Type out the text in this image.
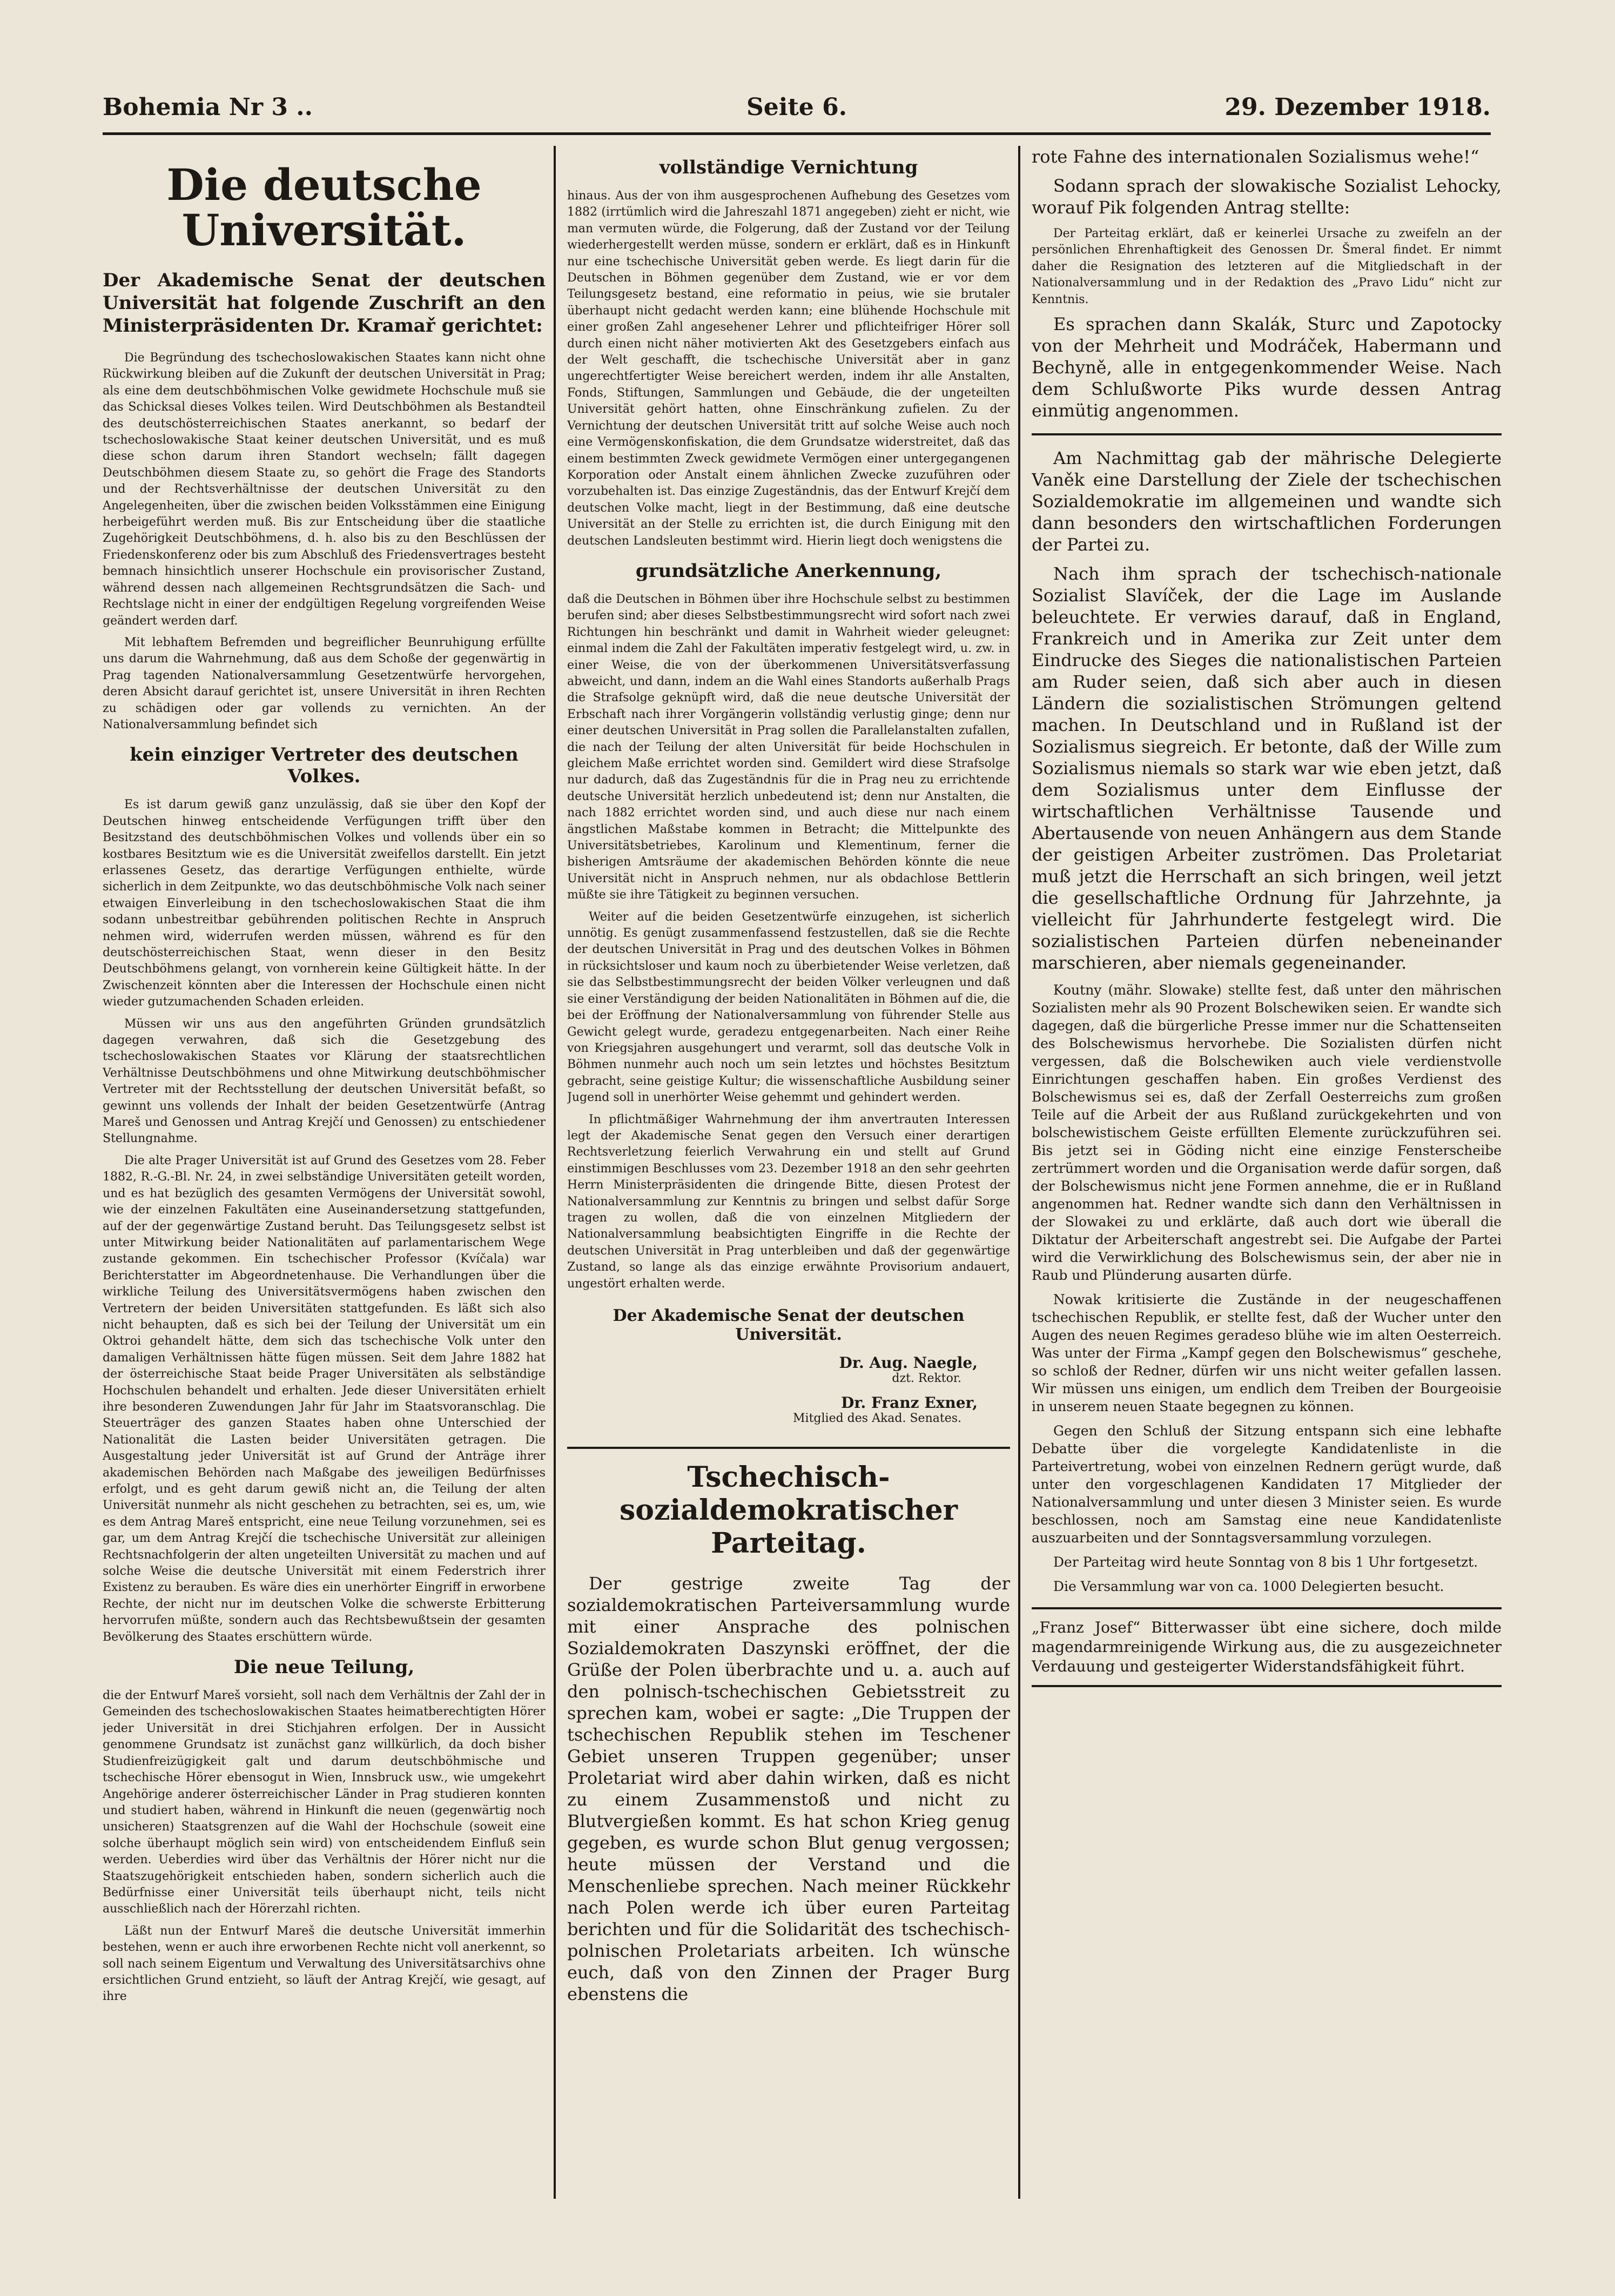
Bohemia Nr 3 ..	Seite 6.	29. Dezember 1918.
Die deutsche Universität.

Der Akademische Senat der deutschen Universität hat folgende Zuschrift an den Ministerpräsidenten Dr. Kramař gerichtet:

Die Begründung des tschechoslowakischen Staates kann nicht ohne Rückwirkung bleiben auf die Zukunft der deutschen Universität in Prag; als eine dem deutschböhmischen Volke gewidmete Hochschule muß sie das Schicksal dieses Volkes teilen. Wird Deutschböhmen als Bestandteil des deutschösterreichischen Staates anerkannt, so bedarf der tschechoslowakische Staat keiner deutschen Universität, und es muß diese schon darum ihren Standort wechseln; fällt dagegen Deutschböhmen diesem Staate zu, so gehört die Frage des Standorts und der Rechtsverhältnisse der deutschen Universität zu den Angelegenheiten, über die zwischen beiden Volksstämmen eine Einigung herbeigeführt werden muß. Bis zur Entscheidung über die staatliche Zugehörigkeit Deutschböhmens, d. h. also bis zu den Beschlüssen der Friedenskonferenz oder bis zum Abschluß des Friedensvertrages besteht bemnach hinsichtlich unserer Hochschule ein provisorischer Zustand, während dessen nach allgemeinen Rechtsgrundsätzen die Sach- und Rechtslage nicht in einer der endgültigen Regelung vorgreifenden Weise geändert werden darf.

Mit lebhaftem Befremden und begreiflicher Beunruhigung erfüllte uns darum die Wahrnehmung, daß aus dem Schoße der gegenwärtig in Prag tagenden Nationalversammlung Gesetzentwürfe hervorgehen, deren Absicht darauf gerichtet ist, unsere Universität in ihren Rechten zu schädigen oder gar vollends zu vernichten. An der Nationalversammlung befindet sich

kein einziger Vertreter des deutschen Volkes.

Es ist darum gewiß ganz unzulässig, daß sie über den Kopf der Deutschen hinweg entscheidende Verfügungen trifft über den Besitzstand des deutschböhmischen Volkes und vollends über ein so kostbares Besitztum wie es die Universität zweifellos darstellt. Ein jetzt erlassenes Gesetz, das derartige Verfügungen enthielte, würde sicherlich in dem Zeitpunkte, wo das deutschböhmische Volk nach seiner etwaigen Einverleibung in den tschechoslowakischen Staat die ihm sodann unbestreitbar gebührenden politischen Rechte in Anspruch nehmen wird, widerrufen werden müssen, während es für den deutschösterreichischen Staat, wenn dieser in den Besitz Deutschböhmens gelangt, von vornherein keine Gültigkeit hätte. In der Zwischenzeit könnten aber die Interessen der Hochschule einen nicht wieder gutzumachenden Schaden erleiden.

Müssen wir uns aus den angeführten Gründen grundsätzlich dagegen verwahren, daß sich die Gesetzgebung des tschechoslowakischen Staates vor Klärung der staatsrechtlichen Verhältnisse Deutschböhmens und ohne Mitwirkung deutschböhmischer Vertreter mit der Rechtsstellung der deutschen Universität befaßt, so gewinnt uns vollends der Inhalt der beiden Gesetzentwürfe (Antrag Mareš und Genossen und Antrag Krejčí und Genossen) zu entschiedener Stellungnahme.

Die alte Prager Universität ist auf Grund des Gesetzes vom 28. Feber 1882, R.-G.-Bl. Nr. 24, in zwei selbständige Universitäten geteilt worden, und es hat bezüglich des gesamten Vermögens der Universität sowohl, wie der einzelnen Fakultäten eine Auseinandersetzung stattgefunden, auf der der gegenwärtige Zustand beruht. Das Teilungsgesetz selbst ist unter Mitwirkung beider Nationalitäten auf parlamentarischem Wege zustande gekommen. Ein tschechischer Professor (Kvíčala) war Berichterstatter im Abgeordnetenhause. Die Verhandlungen über die wirkliche Teilung des Universitätsvermögens haben zwischen den Vertretern der beiden Universitäten stattgefunden. Es läßt sich also nicht behaupten, daß es sich bei der Teilung der Universität um ein Oktroi gehandelt hätte, dem sich das tschechische Volk unter den damaligen Verhältnissen hätte fügen müssen. Seit dem Jahre 1882 hat der österreichische Staat beide Prager Universitäten als selbständige Hochschulen behandelt und erhalten. Jede dieser Universitäten erhielt ihre besonderen Zuwendungen Jahr für Jahr im Staatsvoranschlag. Die Steuerträger des ganzen Staates haben ohne Unterschied der Nationalität die Lasten beider Universitäten getragen. Die Ausgestaltung jeder Universität ist auf Grund der Anträge ihrer akademischen Behörden nach Maßgabe des jeweiligen Bedürfnisses erfolgt, und es geht darum gewiß nicht an, die Teilung der alten Universität nunmehr als nicht geschehen zu betrachten, sei es, um, wie es dem Antrag Mareš entspricht, eine neue Teilung vorzunehmen, sei es gar, um dem Antrag Krejčí die tschechische Universität zur alleinigen Rechtsnachfolgerin der alten ungeteilten Universität zu machen und auf solche Weise die deutsche Universität mit einem Federstrich ihrer Existenz zu berauben. Es wäre dies ein unerhörter Eingriff in erworbene Rechte, der nicht nur im deutschen Volke die schwerste Erbitterung hervorrufen müßte, sondern auch das Rechtsbewußtsein der gesamten Bevölkerung des Staates erschüttern würde.

Die neue Teilung,

die der Entwurf Mareš vorsieht, soll nach dem Verhältnis der Zahl der in Gemeinden des tschechoslowakischen Staates heimatberechtigten Hörer jeder Universität in drei Stichjahren erfolgen. Der in Aussicht genommene Grundsatz ist zunächst ganz willkürlich, da doch bisher Studienfreizügigkeit galt und darum deutschböhmische und tschechische Hörer ebensogut in Wien, Innsbruck usw., wie umgekehrt Angehörige anderer österreichischer Länder in Prag studieren konnten und studiert haben, während in Hinkunft die neuen (gegenwärtig noch unsicheren) Staatsgrenzen auf die Wahl der Hochschule (soweit eine solche überhaupt möglich sein wird) von entscheidendem Einfluß sein werden. Ueberdies wird über das Verhältnis der Hörer nicht nur die Staatszugehörigkeit entschieden haben, sondern sicherlich auch die Bedürfnisse einer Universität teils überhaupt nicht, teils nicht ausschließlich nach der Hörerzahl richten.

Läßt nun der Entwurf Mareš die deutsche Universität immerhin bestehen, wenn er auch ihre erworbenen Rechte nicht voll anerkennt, so soll nach seinem Eigentum und Verwaltung des Universitätsarchivs ohne ersichtlichen Grund entzieht, so läuft der Antrag Krejčí, wie gesagt, auf ihre

vollständige Vernichtung

hinaus. Aus der von ihm ausgesprochenen Aufhebung des Gesetzes vom 1882 (irrtümlich wird die Jahreszahl 1871 angegeben) zieht er nicht, wie man vermuten würde, die Folgerung, daß der Zustand vor der Teilung wiederhergestellt werden müsse, sondern er erklärt, daß es in Hinkunft nur eine tschechische Universität geben werde. Es liegt darin für die Deutschen in Böhmen gegenüber dem Zustand, wie er vor dem Teilungsgesetz bestand, eine reformatio in peius, wie sie brutaler überhaupt nicht gedacht werden kann; eine blühende Hochschule mit einer großen Zahl angesehener Lehrer und pflichteifriger Hörer soll durch einen nicht näher motivierten Akt des Gesetzgebers einfach aus der Welt geschafft, die tschechische Universität aber in ganz ungerechtfertigter Weise bereichert werden, indem ihr alle Anstalten, Fonds, Stiftungen, Sammlungen und Gebäude, die der ungeteilten Universität gehört hatten, ohne Einschränkung zufielen. Zu der Vernichtung der deutschen Universität tritt auf solche Weise auch noch eine Vermögenskonfiskation, die dem Grundsatze widerstreitet, daß das einem bestimmten Zweck gewidmete Vermögen einer untergegangenen Korporation oder Anstalt einem ähnlichen Zwecke zuzuführen oder vorzubehalten ist. Das einzige Zugeständnis, das der Entwurf Krejčí dem deutschen Volke macht, liegt in der Bestimmung, daß eine deutsche Universität an der Stelle zu errichten ist, die durch Einigung mit den deutschen Landsleuten bestimmt wird. Hierin liegt doch wenigstens die

grundsätzliche Anerkennung,

daß die Deutschen in Böhmen über ihre Hochschule selbst zu bestimmen berufen sind; aber dieses Selbstbestimmungsrecht wird sofort nach zwei Richtungen hin beschränkt und damit in Wahrheit wieder geleugnet: einmal indem die Zahl der Fakultäten imperativ festgelegt wird, u. zw. in einer Weise, die von der überkommenen Universitätsverfassung abweicht, und dann, indem an die Wahl eines Standorts außerhalb Prags die Strafsolge geknüpft wird, daß die neue deutsche Universität der Erbschaft nach ihrer Vorgängerin vollständig verlustig ginge; denn nur einer deutschen Universität in Prag sollen die Parallelanstalten zufallen, die nach der Teilung der alten Universität für beide Hochschulen in gleichem Maße errichtet worden sind. Gemildert wird diese Strafsolge nur dadurch, daß das Zugeständnis für die in Prag neu zu errichtende deutsche Universität herzlich unbedeutend ist; denn nur Anstalten, die nach 1882 errichtet worden sind, und auch diese nur nach einem ängstlichen Maßstabe kommen in Betracht; die Mittelpunkte des Universitätsbetriebes, Karolinum und Klementinum, ferner die bisherigen Amtsräume der akademischen Behörden könnte die neue Universität nicht in Anspruch nehmen, nur als obdachlose Bettlerin müßte sie ihre Tätigkeit zu beginnen versuchen.

Weiter auf die beiden Gesetzentwürfe einzugehen, ist sicherlich unnötig. Es genügt zusammenfassend festzustellen, daß sie die Rechte der deutschen Universität in Prag und des deutschen Volkes in Böhmen in rücksichtsloser und kaum noch zu überbietender Weise verletzen, daß sie das Selbstbestimmungsrecht der beiden Völker verleugnen und daß sie einer Verständigung der beiden Nationalitäten in Böhmen auf die, die bei der Eröffnung der Nationalversammlung von führender Stelle aus Gewicht gelegt wurde, geradezu entgegenarbeiten. Nach einer Reihe von Kriegsjahren ausgehungert und verarmt, soll das deutsche Volk in Böhmen nunmehr auch noch um sein letztes und höchstes Besitztum gebracht, seine geistige Kultur; die wissenschaftliche Ausbildung seiner Jugend soll in unerhörter Weise gehemmt und gehindert werden.

In pflichtmäßiger Wahrnehmung der ihm anvertrauten Interessen legt der Akademische Senat gegen den Versuch einer derartigen Rechtsverletzung feierlich Verwahrung ein und stellt auf Grund einstimmigen Beschlusses vom 23. Dezember 1918 an den sehr geehrten Herrn Ministerpräsidenten die dringende Bitte, diesen Protest der Nationalversammlung zur Kenntnis zu bringen und selbst dafür Sorge tragen zu wollen, daß die von einzelnen Mitgliedern der Nationalversammlung beabsichtigten Eingriffe in die Rechte der deutschen Universität in Prag unterbleiben und daß der gegenwärtige Zustand, so lange als das einzige erwähnte Provisorium andauert, ungestört erhalten werde.

Der Akademische Senat der deutschen Universität.
Dr. Aug. Naegle,
dzt. Rektor.
Dr. Franz Exner,
Mitglied des Akad. Senates.
Tschechisch-sozialdemokratischer Parteitag.

Der gestrige zweite Tag der sozialdemokratischen Parteiversammlung wurde mit einer Ansprache des polnischen Sozialdemokraten Daszynski eröffnet, der die Grüße der Polen überbrachte und u. a. auch auf den polnisch-tschechischen Gebietsstreit zu sprechen kam, wobei er sagte: „Die Truppen der tschechischen Republik stehen im Teschener Gebiet unseren Truppen gegenüber; unser Proletariat wird aber dahin wirken, daß es nicht zu einem Zusammenstoß und nicht zu Blutvergießen kommt. Es hat schon Krieg genug gegeben, es wurde schon Blut genug vergossen; heute müssen der Verstand und die Menschenliebe sprechen. Nach meiner Rückkehr nach Polen werde ich über euren Parteitag berichten und für die Solidarität des tschechisch-polnischen Proletariats arbeiten. Ich wünsche euch, daß von den Zinnen der Prager Burg ebenstens die

rote Fahne des internationalen Sozialismus wehe!“

Sodann sprach der slowakische Sozialist Lehocky, worauf Pik folgenden Antrag stellte:

Der Parteitag erklärt, daß er keinerlei Ursache zu zweifeln an der persönlichen Ehrenhaftigkeit des Genossen Dr. Šmeral findet. Er nimmt daher die Resignation des letzteren auf die Mitgliedschaft in der Nationalversammlung und in der Redaktion des „Pravo Lidu“ nicht zur Kenntnis.

Es sprachen dann Skalák, Sturc und Zapotocky von der Mehrheit und Modráček, Habermann und Bechyně, alle in entgegenkommender Weise. Nach dem Schlußworte Piks wurde dessen Antrag einmütig angenommen.

Am Nachmittag gab der mährische Delegierte Vaněk eine Darstellung der Ziele der tschechischen Sozialdemokratie im allgemeinen und wandte sich dann besonders den wirtschaftlichen Forderungen der Partei zu.

Nach ihm sprach der tschechisch-nationale Sozialist Slavíček, der die Lage im Auslande beleuchtete. Er verwies darauf, daß in England, Frankreich und in Amerika zur Zeit unter dem Eindrucke des Sieges die nationalistischen Parteien am Ruder seien, daß sich aber auch in diesen Ländern die sozialistischen Strömungen geltend machen. In Deutschland und in Rußland ist der Sozialismus siegreich. Er betonte, daß der Wille zum Sozialismus niemals so stark war wie eben jetzt, daß dem Sozialismus unter dem Einflusse der wirtschaftlichen Verhältnisse Tausende und Abertausende von neuen Anhängern aus dem Stande der geistigen Arbeiter zuströmen. Das Proletariat muß jetzt die Herrschaft an sich bringen, weil jetzt die gesellschaftliche Ordnung für Jahrzehnte, ja vielleicht für Jahrhunderte festgelegt wird. Die sozialistischen Parteien dürfen nebeneinander marschieren, aber niemals gegeneinander.

Koutny (mähr. Slowake) stellte fest, daß unter den mährischen Sozialisten mehr als 90 Prozent Bolschewiken seien. Er wandte sich dagegen, daß die bürgerliche Presse immer nur die Schattenseiten des Bolschewismus hervorhebe. Die Sozialisten dürfen nicht vergessen, daß die Bolschewiken auch viele verdienstvolle Einrichtungen geschaffen haben. Ein großes Verdienst des Bolschewismus sei es, daß der Zerfall Oesterreichs zum großen Teile auf die Arbeit der aus Rußland zurückgekehrten und von bolschewistischem Geiste erfüllten Elemente zurückzuführen sei. Bis jetzt sei in Göding nicht eine einzige Fensterscheibe zertrümmert worden und die Organisation werde dafür sorgen, daß der Bolschewismus nicht jene Formen annehme, die er in Rußland angenommen hat. Redner wandte sich dann den Verhältnissen in der Slowakei zu und erklärte, daß auch dort wie überall die Diktatur der Arbeiterschaft angestrebt sei. Die Aufgabe der Partei wird die Verwirklichung des Bolschewismus sein, der aber nie in Raub und Plünderung ausarten dürfe.

Nowak kritisierte die Zustände in der neugeschaffenen tschechischen Republik, er stellte fest, daß der Wucher unter den Augen des neuen Regimes geradeso blühe wie im alten Oesterreich. Was unter der Firma „Kampf gegen den Bolschewismus“ geschehe, so schloß der Redner, dürfen wir uns nicht weiter gefallen lassen. Wir müssen uns einigen, um endlich dem Treiben der Bourgeoisie in unserem neuen Staate begegnen zu können.

Gegen den Schluß der Sitzung entspann sich eine lebhafte Debatte über die vorgelegte Kandidatenliste in die Parteivertretung, wobei von einzelnen Rednern gerügt wurde, daß unter den vorgeschlagenen Kandidaten 17 Mitglieder der Nationalversammlung und unter diesen 3 Minister seien. Es wurde beschlossen, noch am Samstag eine neue Kandidatenliste auszuarbeiten und der Sonntagsversammlung vorzulegen.

Der Parteitag wird heute Sonntag von 8 bis 1 Uhr fortgesetzt.

Die Versammlung war von ca. 1000 Delegierten besucht.

„Franz Josef“ Bitterwasser übt eine sichere, doch milde magendarmreinigende Wirkung aus, die zu ausgezeichneter Verdauung und gesteigerter Widerstandsfähigkeit führt.
